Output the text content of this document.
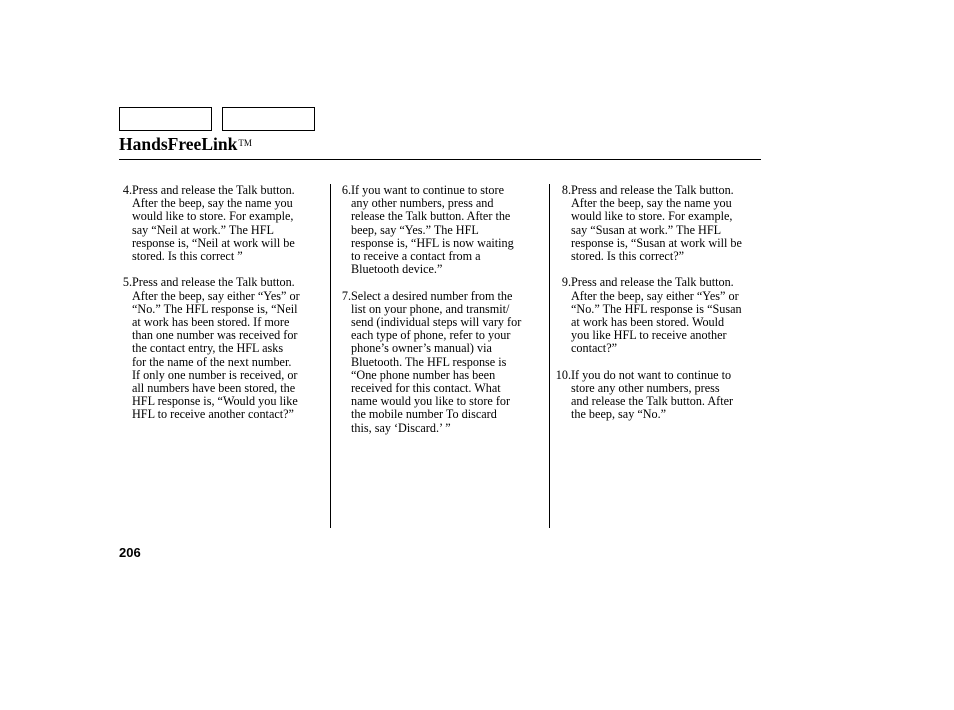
HandsFreeLink™
4 . Press and release the Talk button.
After the beep, say the name you
would like to store. For example,
say “Neil at work.” The HFL
response is, “Neil at work will be
stored. Is this correct ”
5 . Press and release the Talk button.
After the beep, say either “Yes” or
“No.” The HFL response is, “Neil
at work has been stored. If more
than one number was received for
the contact entry, the HFL asks
for the name of the next number.
If only one number is received, or
all numbers have been stored, the
HFL response is, “Would you like
HFL to receive another contact?”
6 . If you want to continue to store
any other numbers, press and
release the Talk button. After the
beep, say “Yes.” The HFL
response is, “HFL is now waiting
to receive a contact from a
Bluetooth device.”
7 . Select a desired number from the
list on your phone, and transmit/
send (individual steps will vary for
each type of phone, refer to your
phone’s owner’s manual) via
Bluetooth. The HFL response is
“One phone number has been
received for this contact. What
name would you like to store for
the mobile number To discard
this, say ‘Discard.’ ”
8 . Press and release the Talk button.
After the beep, say the name you
would like to store. For example,
say “Susan at work.” The HFL
response is, “Susan at work will be
stored. Is this correct?”
9 . Press and release the Talk button.
After the beep, say either “Yes” or
“No.” The HFL response is “Susan
at work has been stored. Would
you like HFL to receive another
contact?”
10 . If you do not want to continue to
store any other numbers, press
and release the Talk button. After
the beep, say “No.”
206
